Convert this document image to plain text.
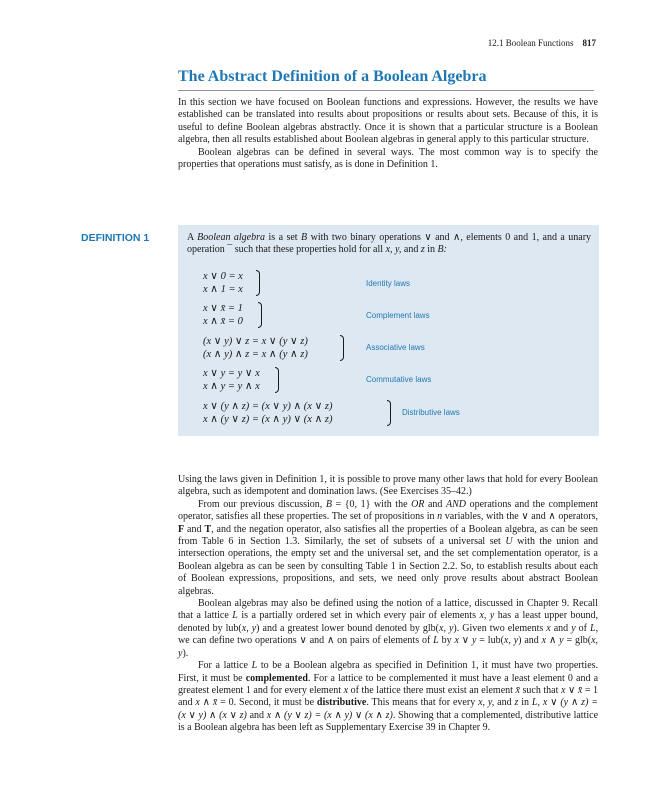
12.1 Boolean Functions 817
The Abstract Definition of a Boolean Algebra

In this section we have focused on Boolean functions and expressions. However, the results we have established can be translated into results about propositions or results about sets. Because of this, it is useful to define Boolean algebras abstractly. Once it is shown that a particular structure is a Boolean algebra, then all results established about Boolean algebras in general apply to this particular structure.

Boolean algebras can be defined in several ways. The most common way is to specify the properties that operations must satisfy, as is done in Definition 1.

DEFINITION 1	A Boolean algebra is a set B with two binary operations ∨ and ∧, elements 0 and 1, and a unary operation ¯ such that these properties hold for all x, y, and z in B:
x ∨ 0 = x
x ∧ 1 = x
Identity laws
x ∨ x̄ = 1
x ∧ x̄ = 0
Complement laws
(x ∨ y) ∨ z = x ∨ (y ∨ z)
(x ∧ y) ∧ z = x ∧ (y ∧ z)
Associative laws
x ∨ y = y ∨ x
x ∧ y = y ∧ x
Commutative laws
x ∨ (y ∧ z) = (x ∨ y) ∧ (x ∨ z)
x ∧ (y ∨ z) = (x ∧ y) ∨ (x ∧ z)
Distributive laws

Using the laws given in Definition 1, it is possible to prove many other laws that hold for every Boolean algebra, such as idempotent and domination laws. (See Exercises 35–42.)

From our previous discussion, B = {0, 1} with the OR and AND operations and the complement operator, satisfies all these properties. The set of propositions in n variables, with the ∨ and ∧ operators, F and T, and the negation operator, also satisfies all the properties of a Boolean algebra, as can be seen from Table 6 in Section 1.3. Similarly, the set of subsets of a universal set U with the union and intersection operations, the empty set and the universal set, and the set complementation operator, is a Boolean algebra as can be seen by consulting Table 1 in Section 2.2. So, to establish results about each of Boolean expressions, propositions, and sets, we need only prove results about abstract Boolean algebras.

Boolean algebras may also be defined using the notion of a lattice, discussed in Chapter 9. Recall that a lattice L is a partially ordered set in which every pair of elements x, y has a least upper bound, denoted by lub(x, y) and a greatest lower bound denoted by glb(x, y). Given two elements x and y of L, we can define two operations ∨ and ∧ on pairs of elements of L by x ∨ y = lub(x, y) and x ∧ y = glb(x, y).

For a lattice L to be a Boolean algebra as specified in Definition 1, it must have two properties. First, it must be complemented. For a lattice to be complemented it must have a least element 0 and a greatest element 1 and for every element x of the lattice there must exist an element x̄ such that x ∨ x̄ = 1 and x ∧ x̄ = 0. Second, it must be distributive. This means that for every x, y, and z in L, x ∨ (y ∧ z) = (x ∨ y) ∧ (x ∨ z) and x ∧ (y ∨ z) = (x ∧ y) ∨ (x ∧ z). Showing that a complemented, distributive lattice is a Boolean algebra has been left as Supplementary Exercise 39 in Chapter 9.
